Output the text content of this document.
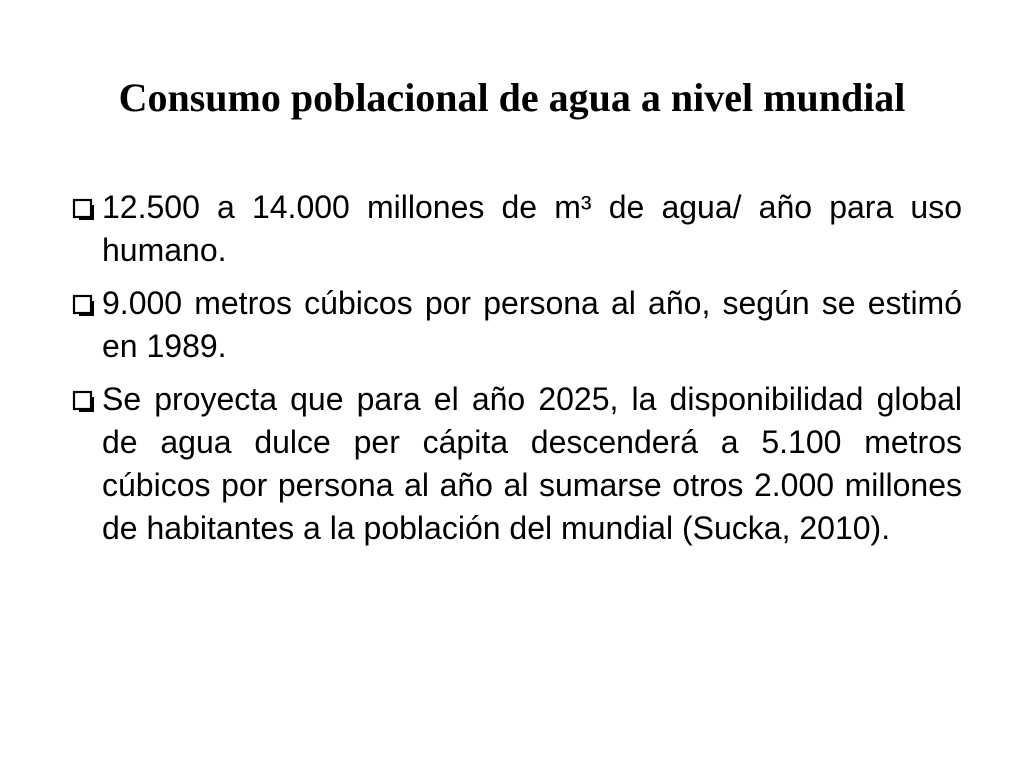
Consumo poblacional de agua a nivel mundial
12.500 a 14.000 millones de m³ de agua/ año para uso humano.
9.000 metros cúbicos por persona al año, según se estimó en 1989.
Se proyecta que para el año 2025, la disponibilidad global de agua dulce per cápita descenderá a 5.100 metros cúbicos por persona al año al sumarse otros 2.000 millones de habitantes a la población del mundial (Sucka, 2010).
